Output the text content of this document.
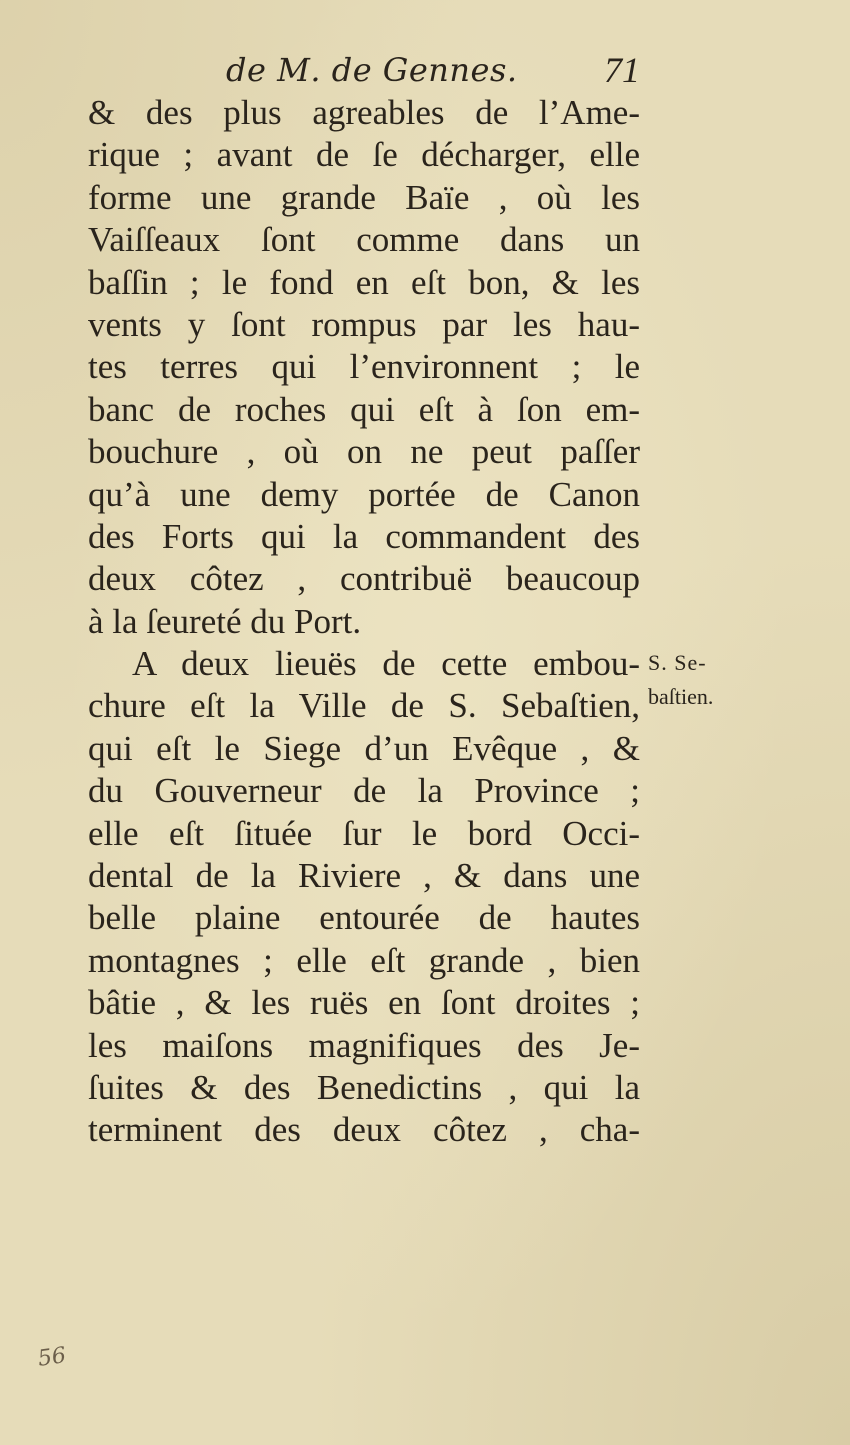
de M. de Gennes. 71
& des plus agreables de l’Ame-
rique ; avant de ſe décharger, elle
forme une grande Baïe , où les
Vaiſſeaux ſont comme dans un
baſſin ; le fond en eſt bon, & les
vents y ſont rompus par les hau-
tes terres qui l’environnent ; le
banc de roches qui eſt à ſon em-
bouchure , où on ne peut paſſer
qu’à une demy portée de Canon
des Forts qui la commandent des
deux côtez , contribuë beaucoup
à la ſeureté du Port.
A deux lieuës de cette embou-
chure eſt la Ville de S. Sebaſtien,
qui eſt le Siege d’un Evêque , &
du Gouverneur de la Province ;
elle eſt ſituée ſur le bord Occi-
dental de la Riviere , & dans une
belle plaine entourée de hautes
montagnes ; elle eſt grande , bien
bâtie , & les ruës en ſont droites ;
les maiſons magnifiques des Je-
ſuites & des Benedictins , qui la
terminent des deux côtez , cha-
S. Se-
baſtien.
56
